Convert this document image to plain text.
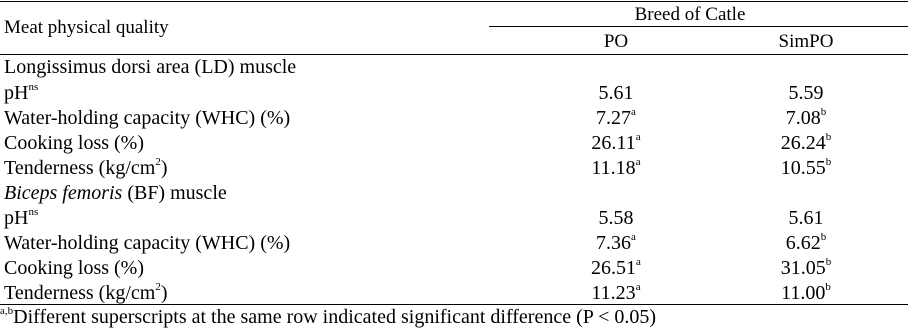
Meat physical quality
Breed of Catle
PO	SimPO
Longissimus dorsi area (LD) muscle
$pH^{ns}$	5.61	5.59
Water-holding capacity (WHC) (%)	7.27$^a$	7.08$^b$
Cooking loss (%)	26.11$^a$	26.24$^b$
Tenderness $(kg/cm^2)$	11.18$^a$	10.55$^b$
Biceps femoris (BF) muscle
$pH^{ns}$	5.58	5.61
Water-holding capacity (WHC) (%)	7.36$^a$	6.62$^b$
Cooking loss (%)	26.51$^a$	31.05$^b$
Tenderness $(kg/cm^2)$	11.23$^a$	11.00$^b$
$^{a,b}$Different superscripts at the same row indicated significant difference (P < 0.05)
